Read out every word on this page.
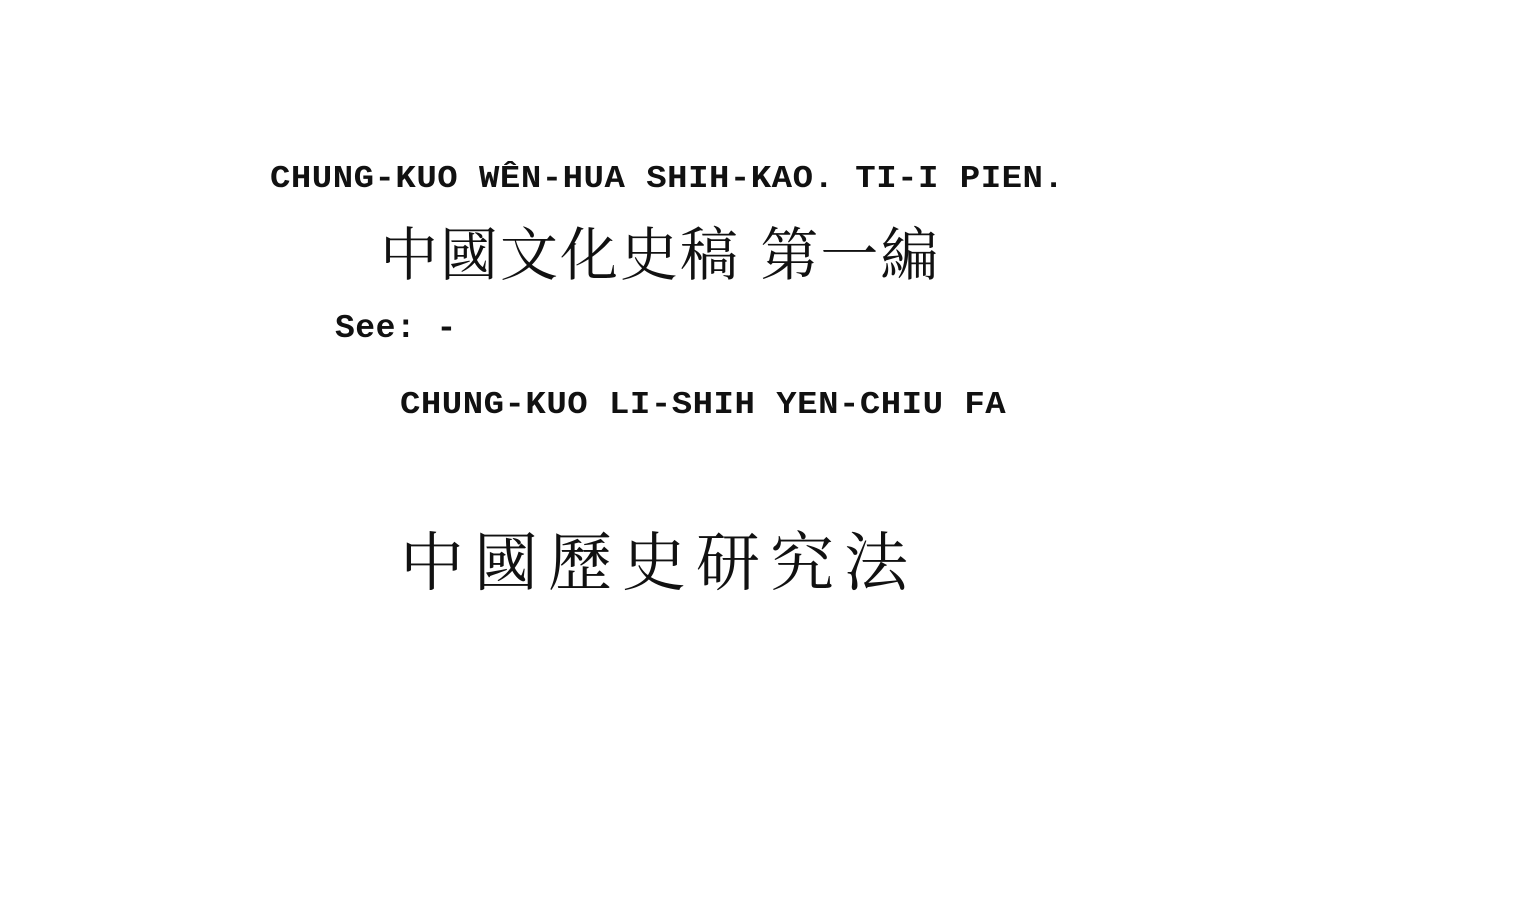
CHUNG-KUO WÊN-HUA SHIH-KAO. TI-I PIEN.
中國文化史稿 第一編
See: -
CHUNG-KUO LI-SHIH YEN-CHIU FA
中國歷史研究法
